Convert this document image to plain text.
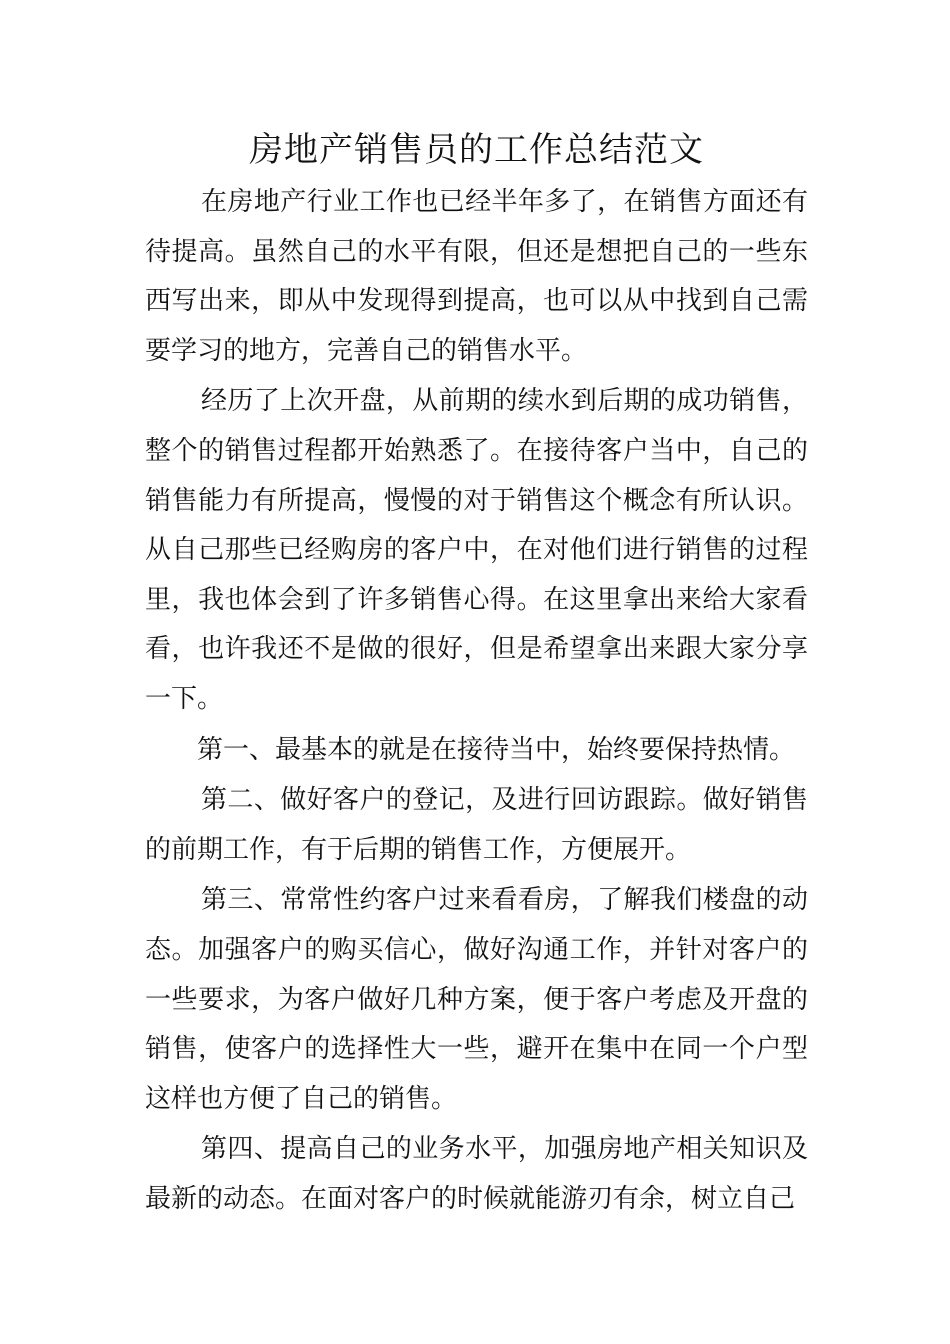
房地产销售员的工作总结范文

在房地产行业工作也已经半年多了，在销售方面还有待提高。虽然自己的水平有限，但还是想把自己的一些东西写出来，即从中发现得到提高，也可以从中找到自己需要学习的地方，完善自己的销售水平。

经历了上次开盘，从前期的续水到后期的成功销售，整个的销售过程都开始熟悉了。在接待客户当中，自己的销售能力有所提高，慢慢的对于销售这个概念有所认识。从自己那些已经购房的客户中，在对他们进行销售的过程里，我也体会到了许多销售心得。在这里拿出来给大家看看，也许我还不是做的很好，但是希望拿出来跟大家分享一下。

第一、最基本的就是在接待当中，始终要保持热情。

第二、做好客户的登记，及进行回访跟踪。做好销售的前期工作，有于后期的销售工作，方便展开。

第三、常常性约客户过来看看房，了解我们楼盘的动态。加强客户的购买信心，做好沟通工作，并针对客户的一些要求，为客户做好几种方案，便于客户考虑及开盘的销售，使客户的选择性大一些，避开在集中在同一个户型这样也方便了自己的销售。

第四、提高自己的业务水平，加强房地产相关知识及最新的动态。在面对客户的时候就能游刃有余，树立自己
